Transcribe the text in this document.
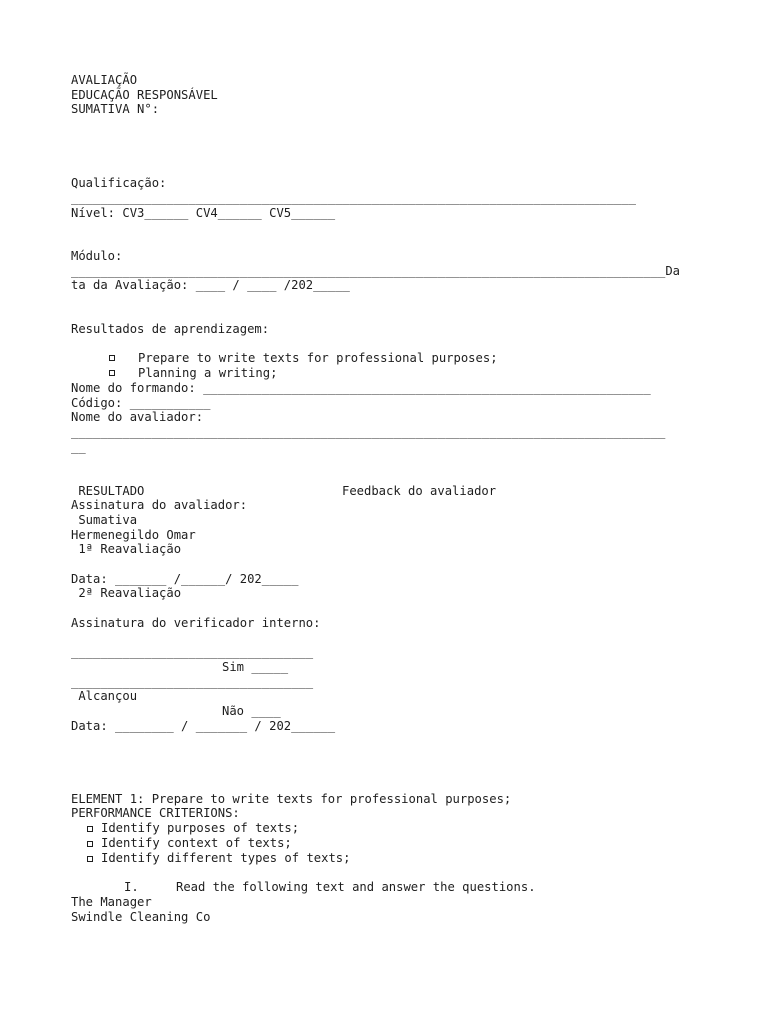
AVALIAÇÃO
EDUCAÇÃO RESPONSÁVEL
SUMATIVA N°:
Qualificação:
_____________________________________________________________________________
Nível: CV3______ CV4______ CV5______
Módulo:
_________________________________________________________________________________Da
ta da Avaliação: ____ / ____ /202_____
Resultados de aprendizagem:
Prepare to write texts for professional purposes;
Planning a writing;
Nome do formando: _____________________________________________________________
Código: ___________
Nome do avaliador:
_________________________________________________________________________________
__
RESULTADO	Feedback do avaliador
Assinatura do avaliador:
Sumativa
Hermenegildo Omar
1ª Reavaliação
Data: _______ /______/ 202_____
2ª Reavaliação
Assinatura do verificador interno:
_________________________________
Sim _____
_________________________________
Alcançou
Não ____
Data: ________ / _______ / 202______
ELEMENT 1: Prepare to write texts for professional purposes;
PERFORMANCE CRITERIONS:
Identify purposes of texts;
Identify context of texts;
Identify different types of texts;
I.	Read the following text and answer the questions.
The Manager
Swindle Cleaning Co
